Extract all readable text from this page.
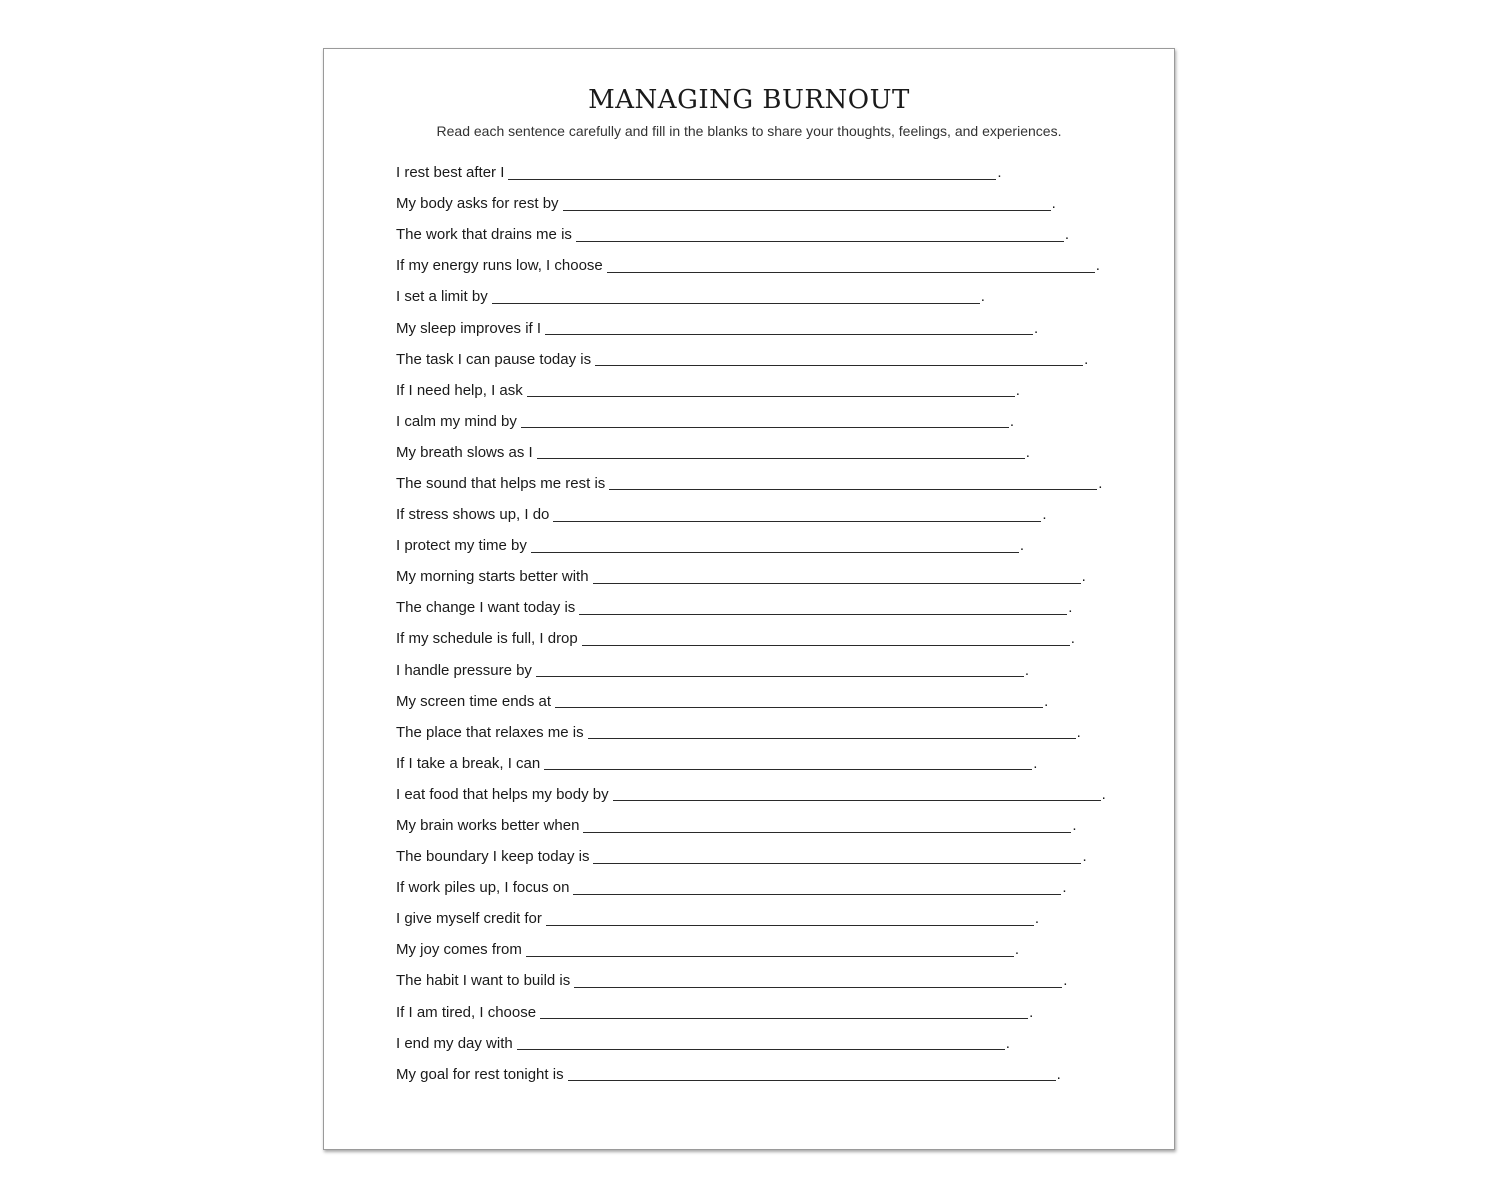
MANAGING BURNOUT

Read each sentence carefully and fill in the blanks to share your thoughts, feelings, and experiences.

I rest best after I	.
My body asks for rest by	.
The work that drains me is	.
If my energy runs low, I choose	.
I set a limit by	.
My sleep improves if I	.
The task I can pause today is	.
If I need help, I ask	.
I calm my mind by	.
My breath slows as I	.
The sound that helps me rest is	.
If stress shows up, I do	.
I protect my time by	.
My morning starts better with	.
The change I want today is	.
If my schedule is full, I drop	.
I handle pressure by	.
My screen time ends at	.
The place that relaxes me is	.
If I take a break, I can	.
I eat food that helps my body by	.
My brain works better when	.
The boundary I keep today is	.
If work piles up, I focus on	.
I give myself credit for	.
My joy comes from	.
The habit I want to build is	.
If I am tired, I choose	.
I end my day with	.
My goal for rest tonight is	.
